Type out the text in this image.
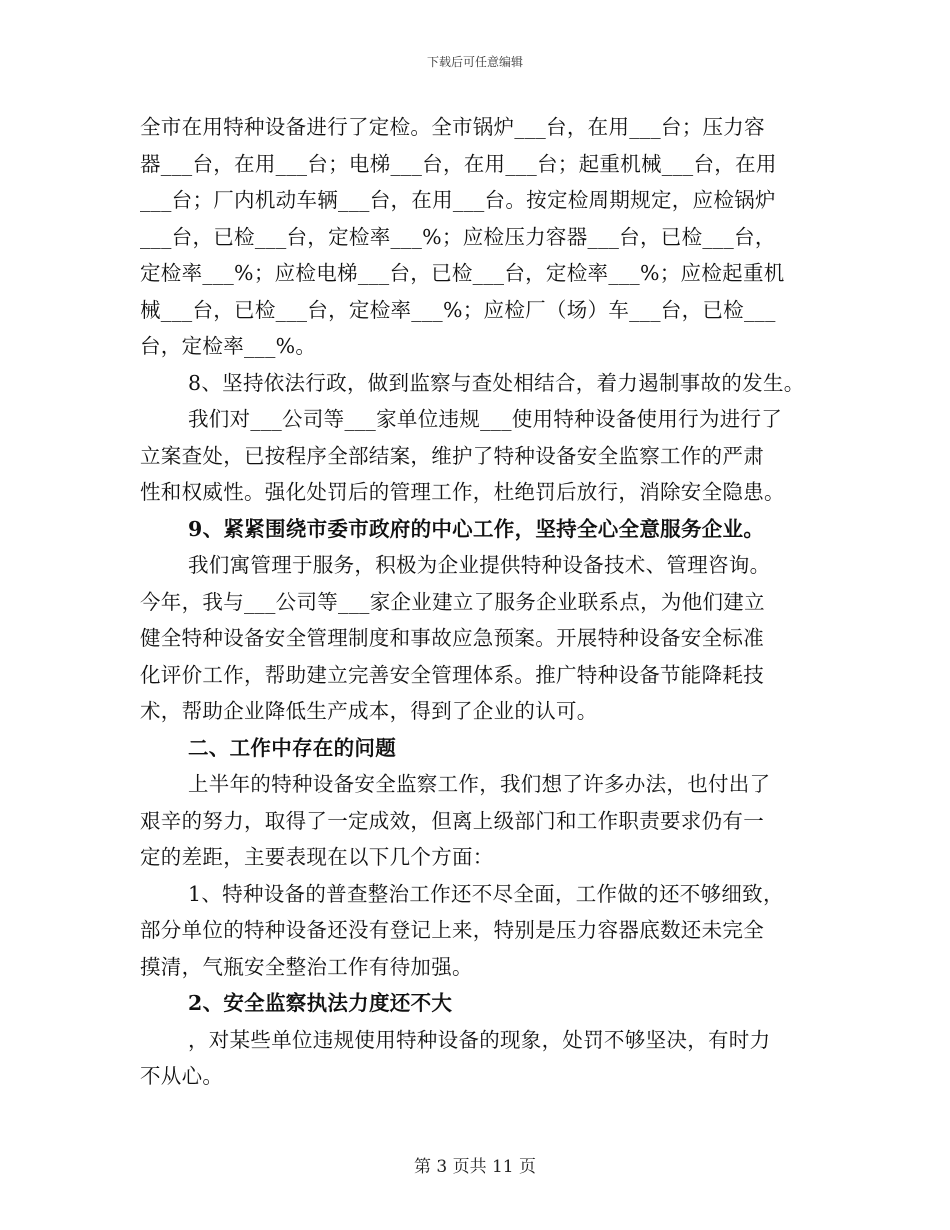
下载后可任意编辑
全市在用特种设备进行了定检。全市锅炉___台，在用___台；压力容
器___台，在用___台；电梯___台，在用___台；起重机械___台，在用
___台；厂内机动车辆___台，在用___台。按定检周期规定，应检锅炉
___台，已检___台，定检率___%；应检压力容器___台，已检___台，
定检率___%；应检电梯___台，已检___台，定检率___%；应检起重机
械___台，已检___台，定检率___%；应检厂（场）车___台，已检___
台，定检率___%。
8、坚持依法行政，做到监察与查处相结合，着力遏制事故的发生。
我们对___公司等___家单位违规___使用特种设备使用行为进行了
立案查处，已按程序全部结案，维护了特种设备安全监察工作的严肃
性和权威性。强化处罚后的管理工作，杜绝罚后放行，消除安全隐患。
9、紧紧围绕市委市政府的中心工作，坚持全心全意服务企业。
我们寓管理于服务，积极为企业提供特种设备技术、管理咨询。
今年，我与___公司等___家企业建立了服务企业联系点，为他们建立
健全特种设备安全管理制度和事故应急预案。开展特种设备安全标准
化评价工作，帮助建立完善安全管理体系。推广特种设备节能降耗技
术，帮助企业降低生产成本，得到了企业的认可。
二、工作中存在的问题
上半年的特种设备安全监察工作，我们想了许多办法，也付出了
艰辛的努力，取得了一定成效，但离上级部门和工作职责要求仍有一
定的差距，主要表现在以下几个方面：
1、特种设备的普查整治工作还不尽全面，工作做的还不够细致，
部分单位的特种设备还没有登记上来，特别是压力容器底数还未完全
摸清，气瓶安全整治工作有待加强。
2、安全监察执法力度还不大
，对某些单位违规使用特种设备的现象，处罚不够坚决，有时力
不从心。
第 3 页共 11 页
